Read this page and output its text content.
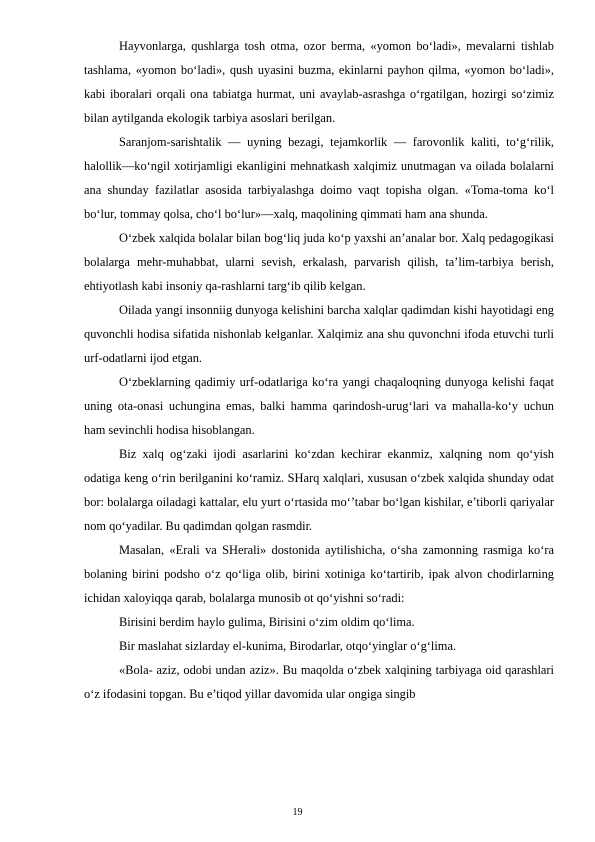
Hayvonlarga, qushlarga tosh otma, ozor berma, «yomon bo‘ladi», mevalarni tishlab tashlama, «yomon bo‘ladi», qush uyasini buzma, ekinlarni payhon qilma, «yomon bo‘ladi», kabi iboralari orqali ona tabiatga hurmat, uni avaylab-asrashga o‘rgatilgan, hozirgi so‘zimiz bilan aytilganda ekologik tarbiya asoslari berilgan.

Saranjom-sarishtalik — uyning bezagi, tejamkorlik — farovonlik kaliti, to‘g‘rilik, halollik—ko‘ngil xotirjamligi ekanligini mehnatkash xalqimiz unutmagan va oilada bolalarni ana shunday fazilatlar asosida tarbiyalashga doimo vaqt topisha olgan. «Toma-toma ko‘l bo‘lur, tommay qolsa, cho‘l bo‘lur»—xalq, maqolining qimmati ham ana shunda.

O‘zbek xalqida bolalar bilan bog‘liq juda ko‘p yaxshi an’analar bor. Xalq pedagogikasi bolalarga mehr-muhabbat, ularni sevish, erkalash, parvarish qilish, ta’lim-tarbiya berish, ehtiyotlash kabi insoniy qa-rashlarni targ‘ib qilib kelgan.

Oilada yangi insonniig dunyoga kelishini barcha xalqlar qadimdan kishi hayotidagi eng quvonchli hodisa sifatida nishonlab kelganlar. Xalqimiz ana shu quvonchni ifoda etuvchi turli urf-odatlarni ijod etgan.

O‘zbeklarning qadimiy urf-odatlariga ko‘ra yangi chaqaloqning dunyoga kelishi faqat uning ota-onasi uchungina emas, balki hamma qarindosh-urug‘lari va mahalla-ko‘y uchun ham sevinchli hodisa hisoblangan.

Biz xalq og‘zaki ijodi asarlarini ko‘zdan kechirar ekanmiz, xalqning nom qo‘yish odatiga keng o‘rin berilganini ko‘ramiz. SHarq xalqlari, xususan o‘zbek xalqida shunday odat bor: bolalarga oiladagi kattalar, elu yurt o‘rtasida mo‘’tabar bo‘lgan kishilar, e’tiborli qariyalar nom qo‘yadilar. Bu qadimdan qolgan rasmdir.

Masalan, «Erali va SHerali» dostonida aytilishicha, o‘sha zamonning rasmiga ko‘ra bolaning birini podsho o‘z qo‘liga olib, birini xotiniga ko‘tartirib, ipak alvon chodirlarning ichidan xaloyiqqa qarab, bolalarga munosib ot qo‘yishni so‘radi:

Birisini berdim haylo gulima, Birisini o‘zim oldim qo‘lima.

Bir maslahat sizlarday el-kunima, Birodarlar, otqo‘yinglar o‘g‘lima.

«Bola- aziz, odobi undan aziz». Bu maqolda o‘zbek xalqining tarbiyaga oid qarashlari o‘z ifodasini topgan. Bu e’tiqod yillar davomida ular ongiga singib

19
